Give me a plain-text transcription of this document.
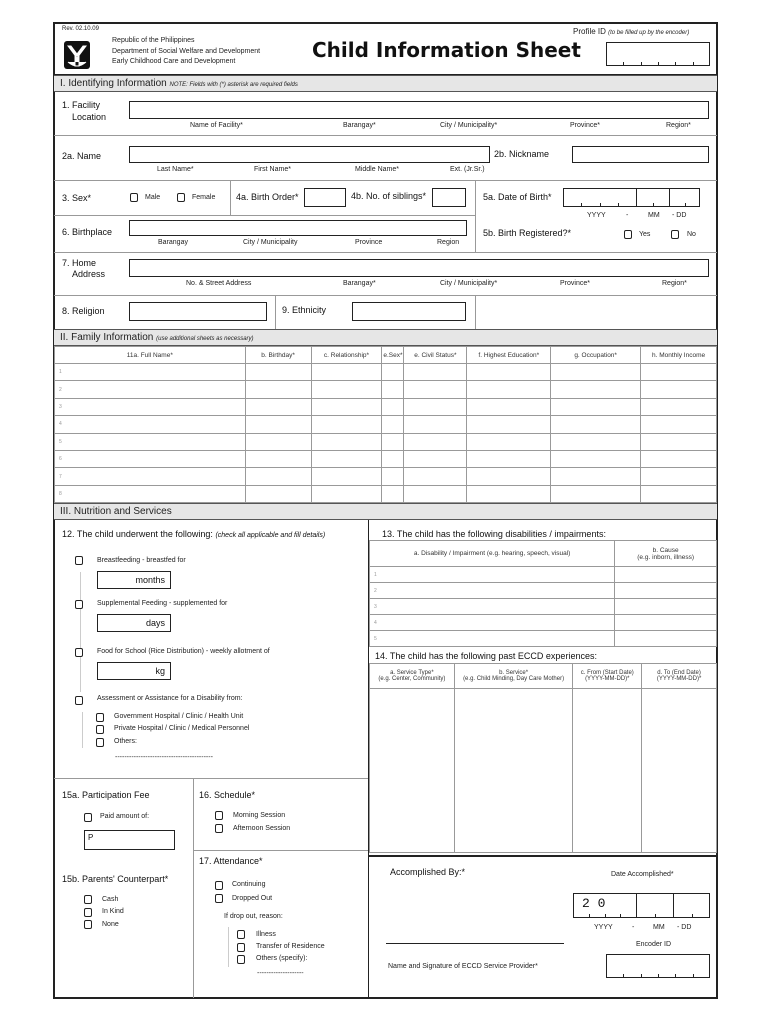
Rev. 02.10.09
Republic of the Philippines
Department of Social Welfare and Development
Early Childhood Care and Development	Child Information Sheet
Profile ID (to be filled up by the encoder)
I. Identifying Information NOTE: Fields with (*) asterisk are required fields
1. Facility
Location
Name of Facility*	Barangay*	City / Municipality*	Province*	Region*
2a. Name
Last Name*	First Name*	Middle Name*	Ext. (Jr.Sr.)
2b. Nickname
3. Sex*	Male	Female 4a. Birth Order*	4b. No. of siblings*	5a. Date of Birth*
YYYY	-	MM - DD
6. Birthplace
Barangay	City / Municipality	Province	Region
5b. Birth Registered?*	Yes	No
7. Home
Address
No. & Street Address	Barangay*	City / Municipality*	Province*	Region*
8. Religion	9. Ethnicity
II. Family Information (use additional sheets as necessary)
11a. Full Name*	b. Birthday*	c. Relationship*	e.Sex*	e. Civil Status*	f. Highest Education*	g. Occupation*	h. Monthly Income
1							
2							
3							
4							
5							
6							
7							
8							
III. Nutrition and Services
12. The child underwent the following: (check all applicable and fill details)
Breastfeeding - breastfed for
months
Supplemental Feeding - supplemented for
days
Food for School (Rice Distribution) - weekly allotment of
kg
Assessment or Assistance for a Disability from:
Government Hospital / Clinic / Health Unit
Private Hospital / Clinic / Medical Personnel
Others:
------------------------------------------
15a. Participation Fee
Paid amount of:
P
15b. Parents' Counterpart*
Cash
In Kind
None
16. Schedule*
Morning Session
Afternoon Session
17. Attendance*
Continuing
Dropped Out
If drop out, reason:
Illness
Transfer of Residence
Others (specify):
--------------------
13. The child has the following disabilities / impairments:
a. Disability / Impairment (e.g. hearing, speech, visual)	b. Cause
(e.g. inborn, illness)
1	
2	
3	
4	
5	
14. The child has the following past ECCD experiences:
a. Service Type*
(e.g. Center, Community)	b. Service*
(e.g. Child Minding, Day Care Mother)	c. From (Start Date)
(YYYY-MM-DD)*	d. To (End Date)
(YYYY-MM-DD)*

Accomplished By:*	Date Accomplished*
2 0
YYYY	-	MM - DD
Name and Signature of ECCD Service Provider*
Encoder ID
